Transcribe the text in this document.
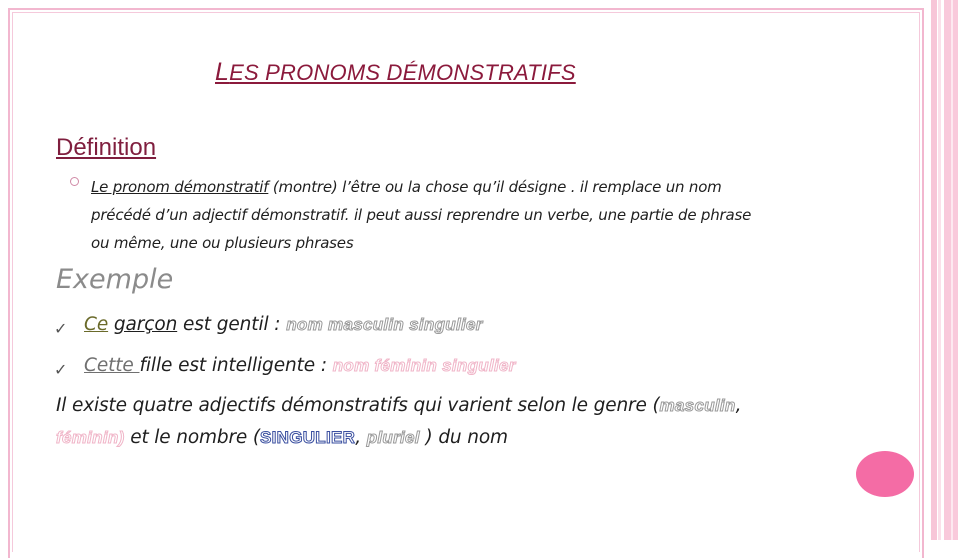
LES PRONOMS DÉMONSTRATIFS
Définition
Le pronom démonstratif (montre) l’être ou la chose qu’il désigne . il remplace un nom
précédé d’un adjectif démonstratif. il peut aussi reprendre un verbe, une partie de phrase
ou même, une ou plusieurs phrases
Exemple
✓ Ce garçon est gentil : nom masculin singulier
✓ Cette fille est intelligente : nom féminin singulier
Il existe quatre adjectifs démonstratifs qui varient selon le genre (masculin,
féminin) et le nombre (SINGULIER, pluriel ) du nom
